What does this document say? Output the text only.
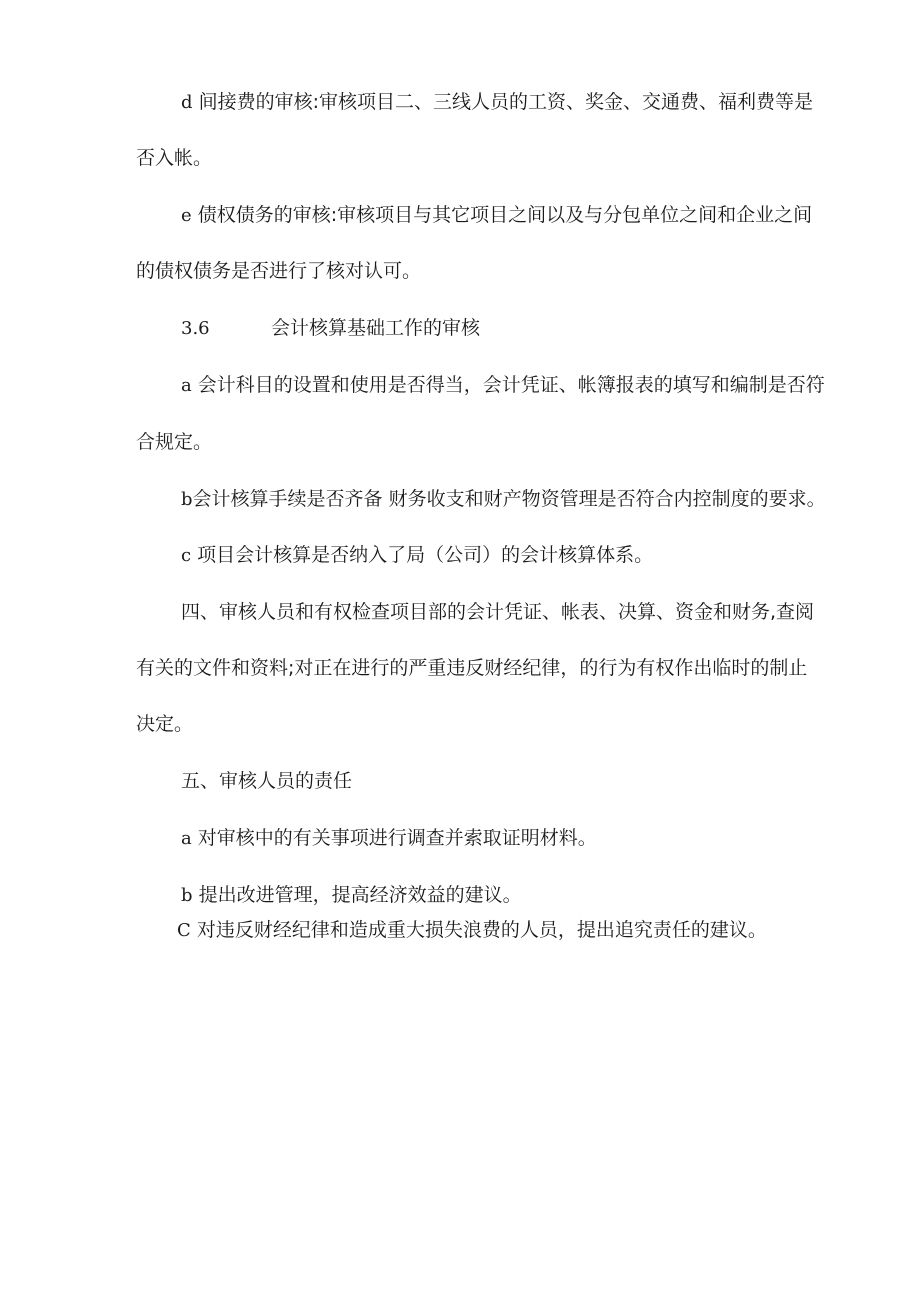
d 间接费的审核:审核项目二、三线人员的工资、奖金、交通费、福利费等是
否入帐。
e 债权债务的审核:审核项目与其它项目之间以及与分包单位之间和企业之间
的债权债务是否进行了核对认可。
3.6	会计核算基础工作的审核
a 会计科目的设置和使用是否得当，会计凭证、帐簿报表的填写和编制是否符
合规定。
b会计核算手续是否齐备 财务收支和财产物资管理是否符合内控制度的要求。
c 项目会计核算是否纳入了局（公司）的会计核算体系。
四、审核人员和有权检查项目部的会计凭证、帐表、决算、资金和财务,查阅
有关的文件和资料;对正在进行的严重违反财经纪律，的行为有权作出临时的制止
决定。
五、审核人员的责任
a 对审核中的有关事项进行调查并索取证明材料。
b 提出改进管理，提高经济效益的建议。
C 对违反财经纪律和造成重大损失浪费的人员，提出追究责任的建议。
